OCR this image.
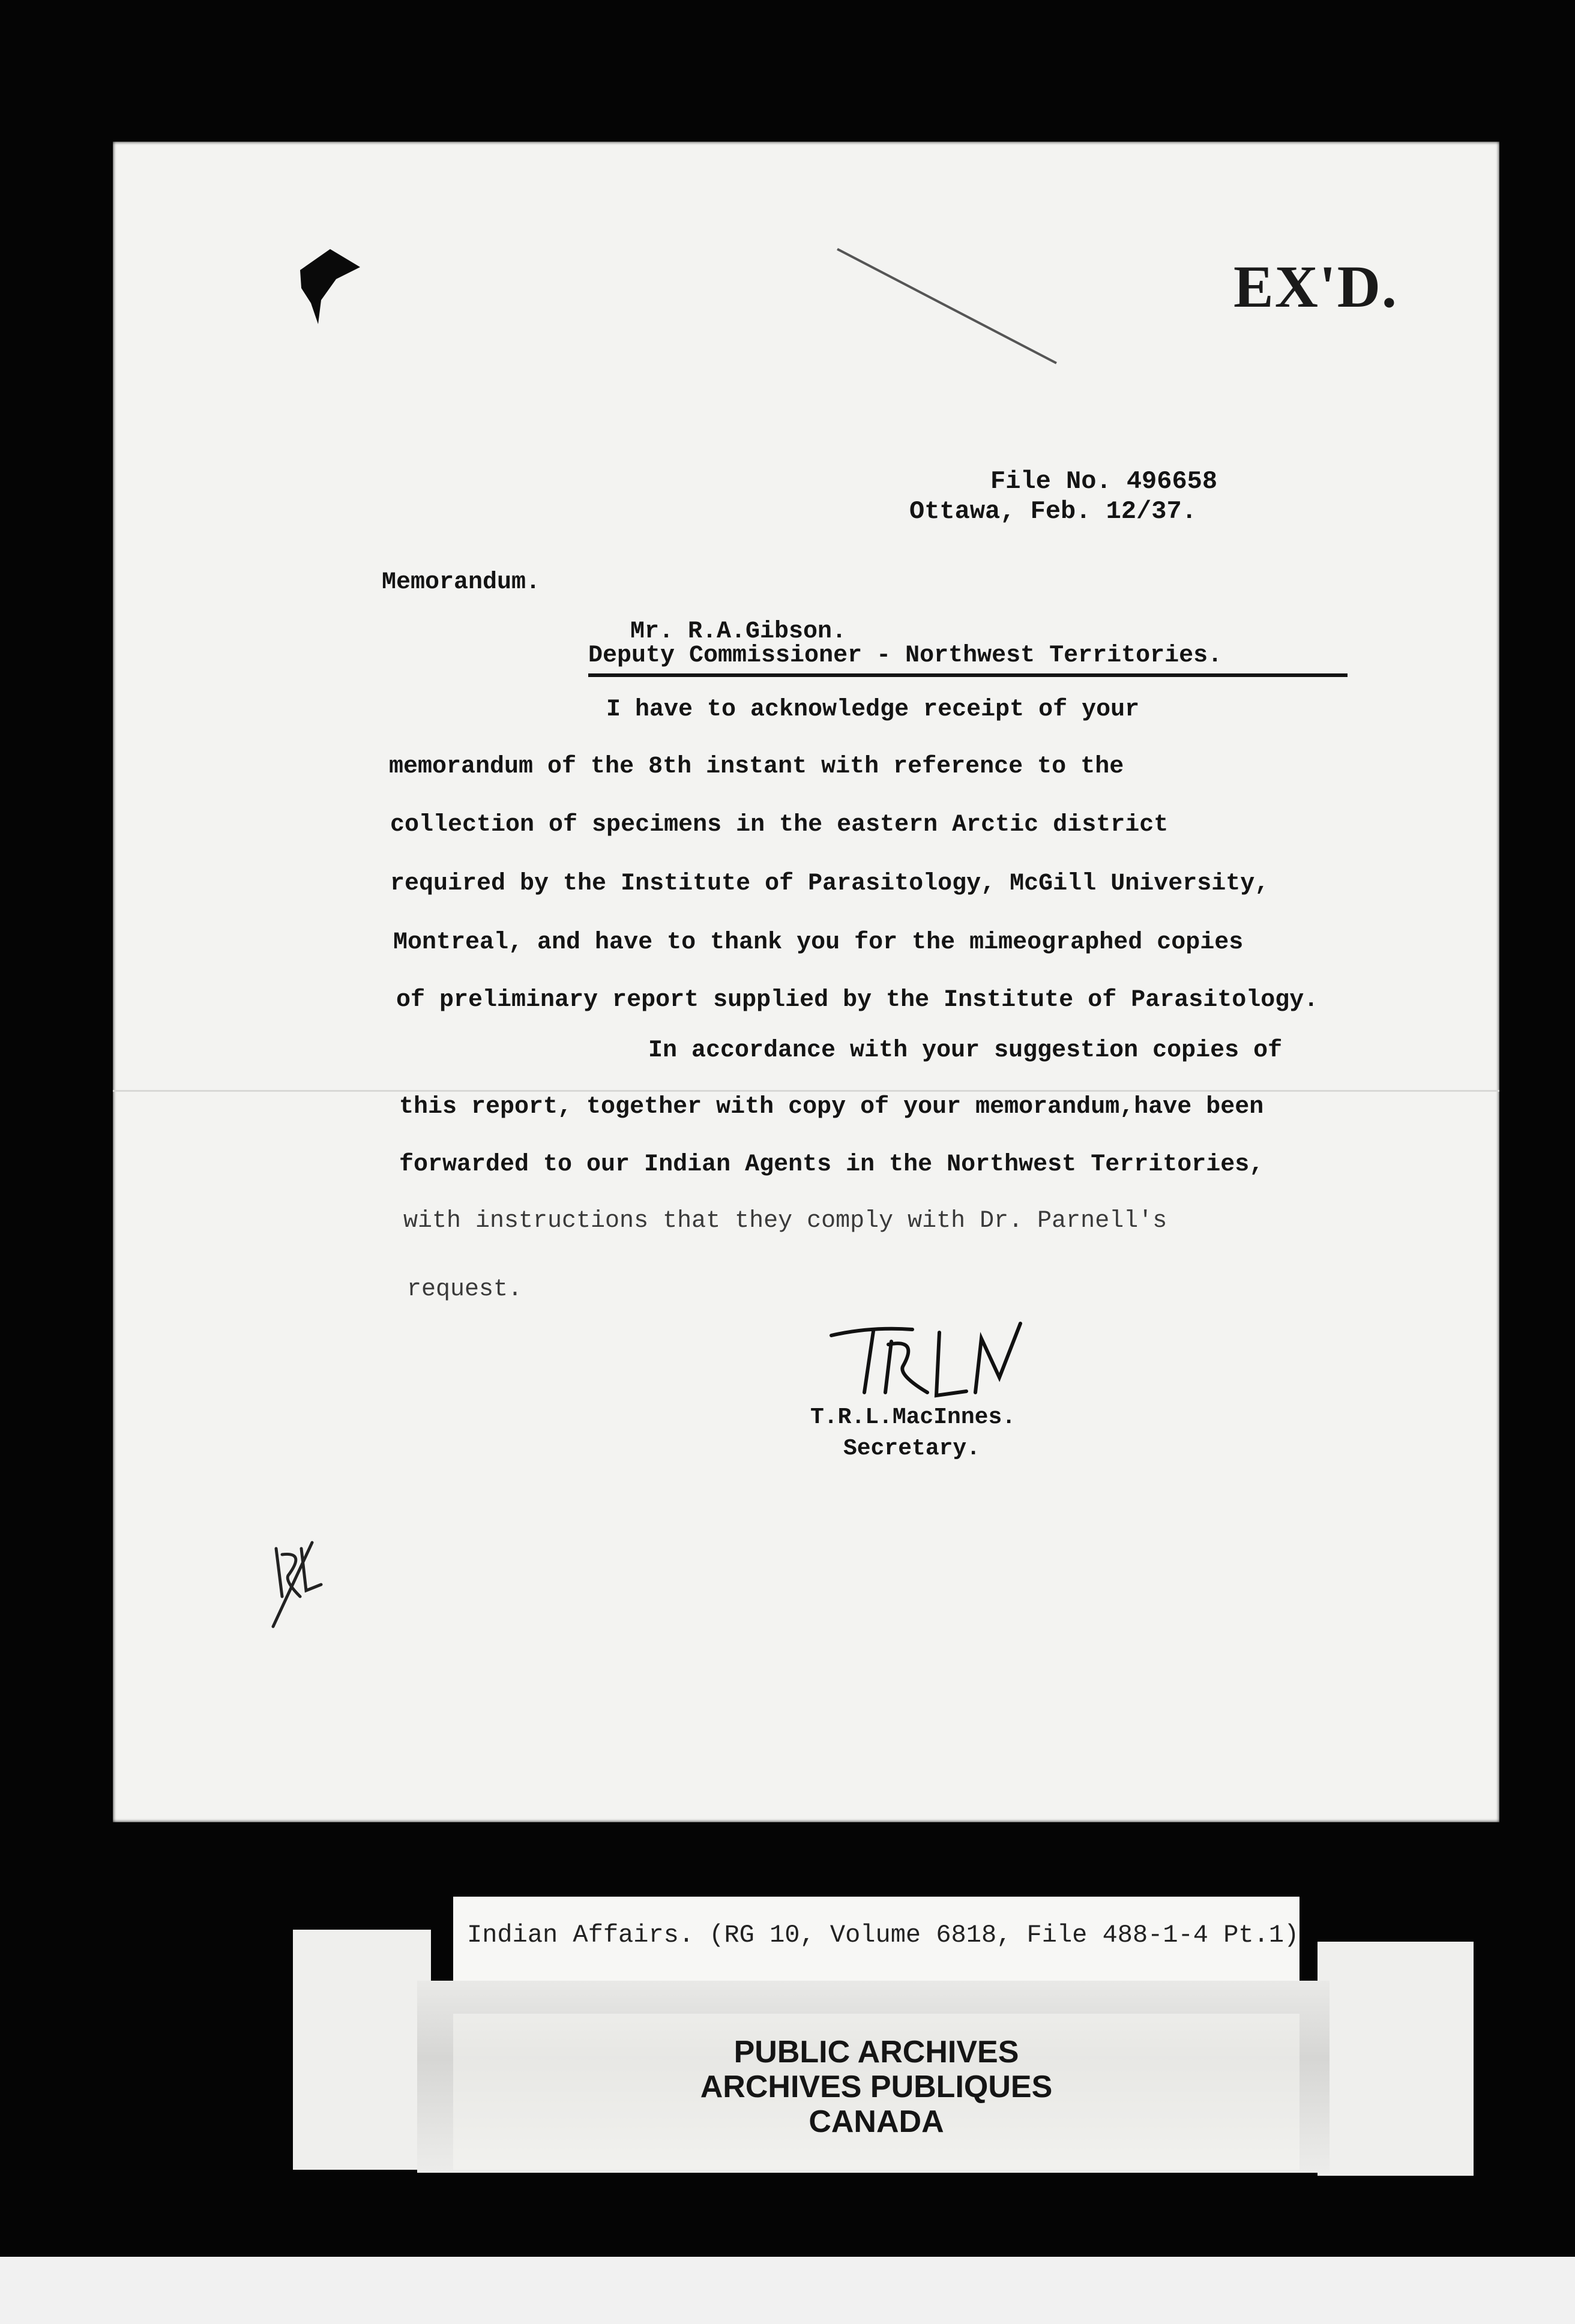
EX'D.
File No. 496658
Ottawa, Feb. 12/37.
Memorandum.
Mr. R.A.Gibson.
Deputy Commissioner - Northwest Territories.
I have to acknowledge receipt of your
memorandum of the 8th instant with reference to the
collection of specimens in the eastern Arctic district
required by the Institute of Parasitology, McGill University,
Montreal, and have to thank you for the mimeographed copies
of preliminary report supplied by the Institute of Parasitology.
In accordance with your suggestion copies of
this report, together with copy of your memorandum,have been
forwarded to our Indian Agents in the Northwest Territories,
with instructions that they comply with Dr. Parnell's
request.
T.R.L.MacInnes.
Secretary.
Indian Affairs. (RG 10, Volume 6818, File 488-1-4 Pt.1)
PUBLIC ARCHIVES
ARCHIVES PUBLIQUES
CANADA
